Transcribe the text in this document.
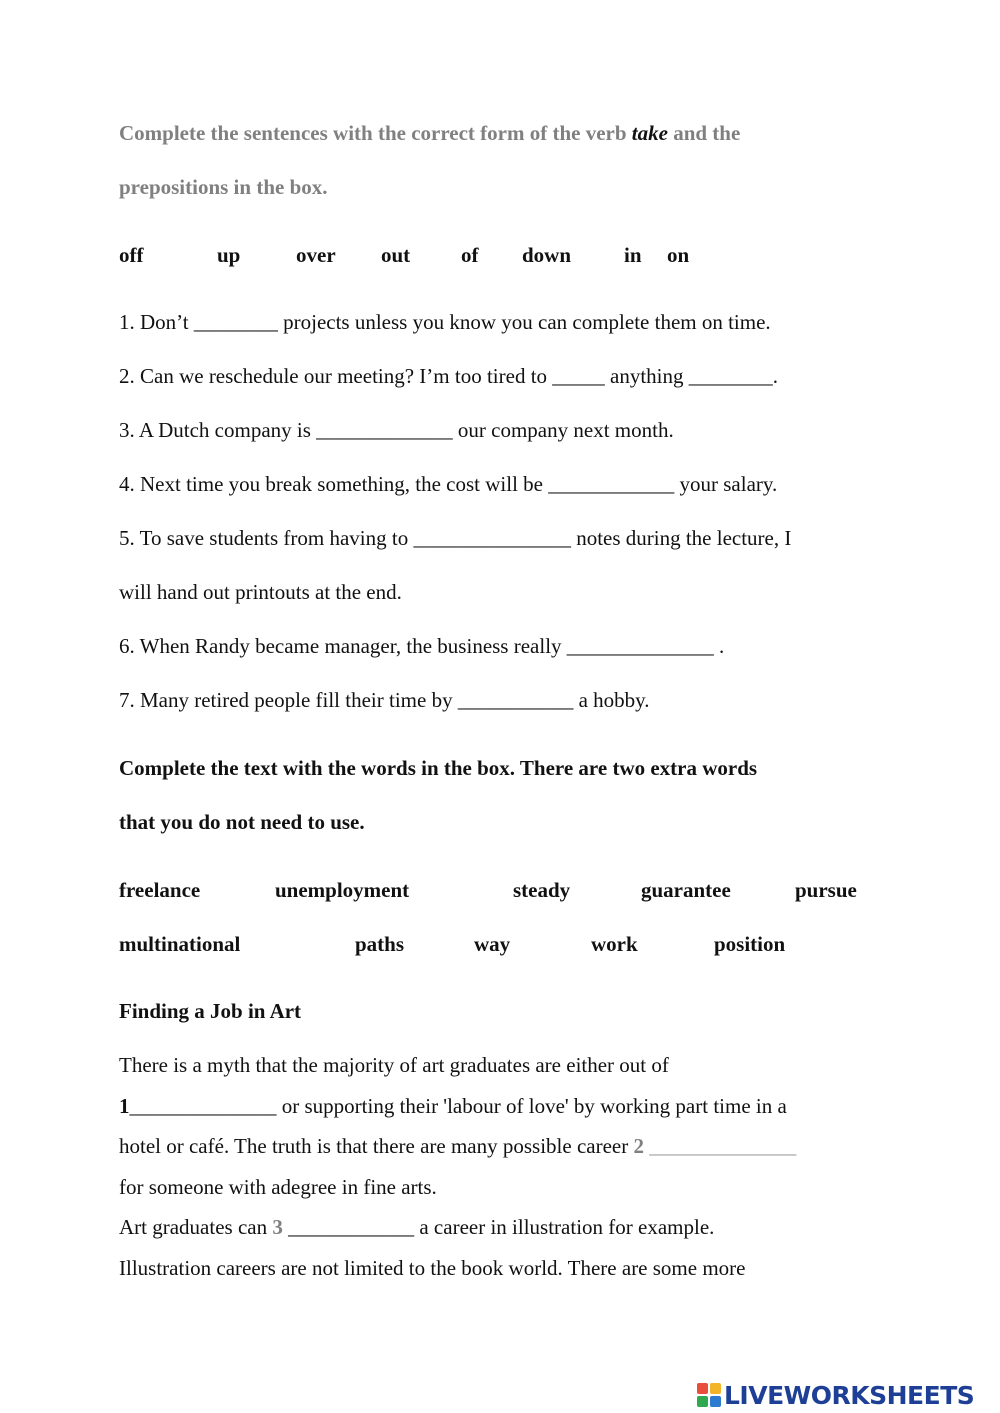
Complete the sentences with the correct form of the verb take and the
prepositions in the box.
off	up	over out of down	in on
1. Don’t ________ projects unless you know you can complete them on time.
2. Can we reschedule our meeting? I’m too tired to _____ anything ________.
3. A Dutch company is _____________ our company next month.
4. Next time you break something, the cost will be ____________ your salary.
5. To save students from having to _______________ notes during the lecture, I
will hand out printouts at the end.
6. When Randy became manager, the business really ______________ .
7. Many retired people fill their time by ___________ a hobby.
Complete the text with the words in the box. There are two extra words
that you do not need to use.
freelance	unemployment	steady	guarantee	pursue
multinational	paths	way	work	position
Finding a Job in Art
There is a myth that the majority of art graduates are either out of
1______________ or supporting their 'labour of love' by working part time in a
hotel or café. The truth is that there are many possible career 2 ______________
for someone with adegree in fine arts.
Art graduates can 3 ____________ a career in illustration for example.
Illustration careers are not limited to the book world. There are some more
LIVEWORKSHEETS
